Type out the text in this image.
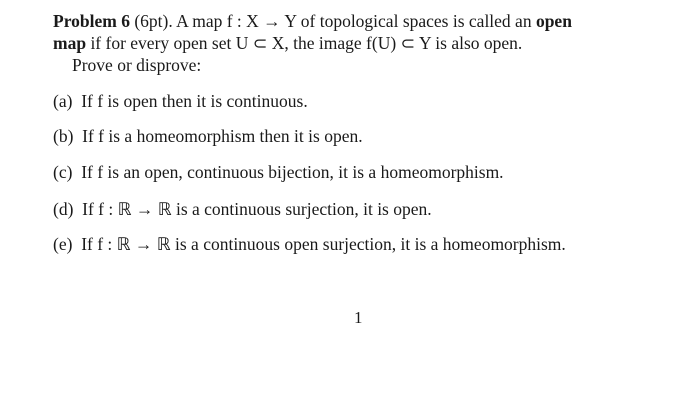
Problem 6 (6pt). A map f : X → Y of topological spaces is called an open
map if for every open set U ⊂ X, the image f(U) ⊂ Y is also open.
Prove or disprove:
(a) If f is open then it is continuous.
(b) If f is a homeomorphism then it is open.
(c) If f is an open, continuous bijection, it is a homeomorphism.
(d) If f : ℝ → ℝ is a continuous surjection, it is open.
(e) If f : ℝ → ℝ is a continuous open surjection, it is a homeomorphism.
1
